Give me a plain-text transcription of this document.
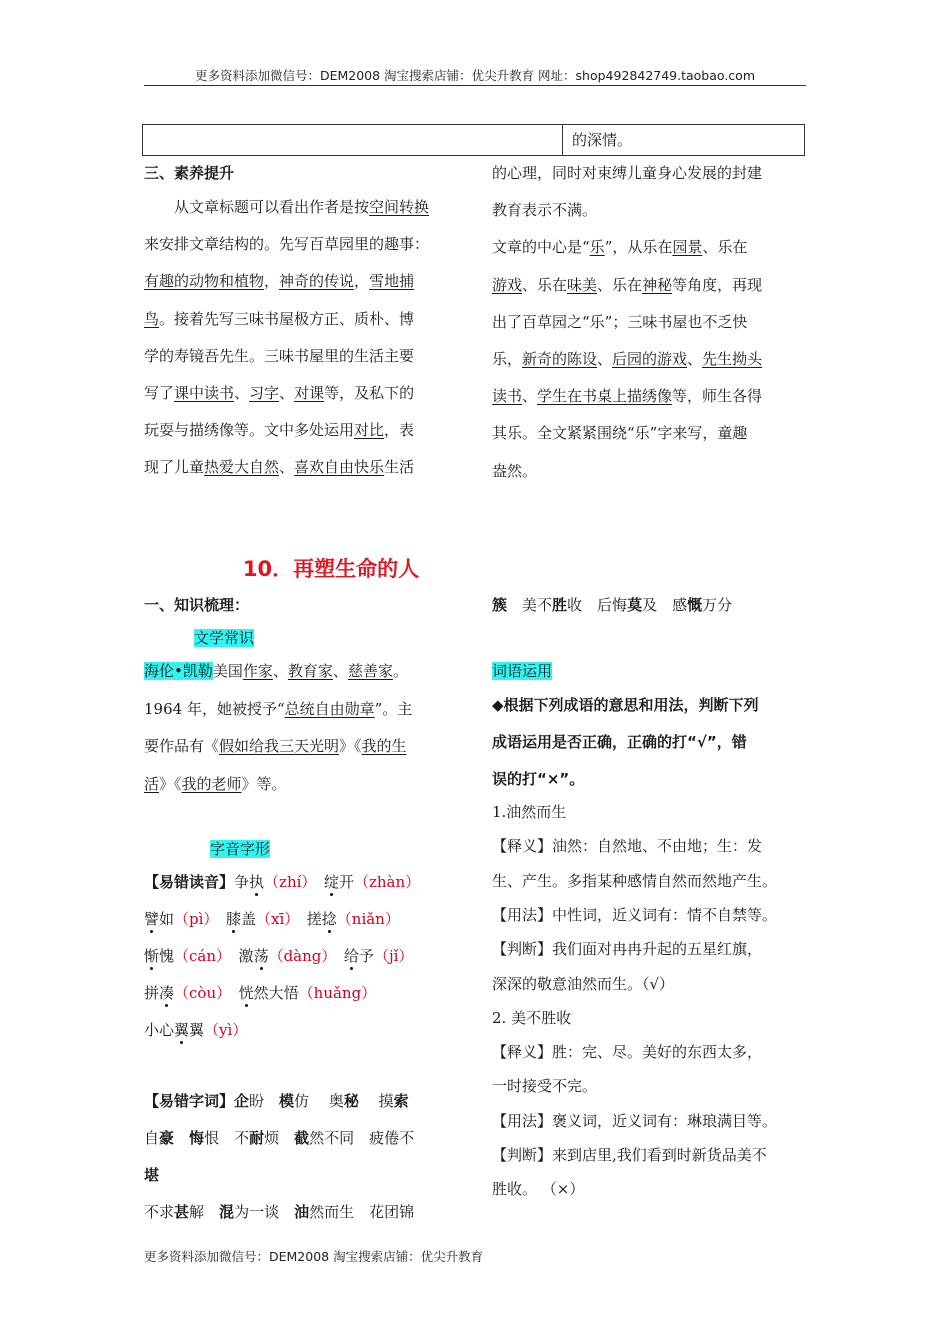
更多资料添加微信号：DEM2008 淘宝搜索店铺：优尖升教育 网址：shop492842749.taobao.com
的深情。
三、素养提升
　　从文章标题可以看出作者是按空间转换
来安排文章结构的。先写百草园里的趣事：
有趣的动物和植物，神奇的传说，雪地捕
鸟。接着先写三味书屋极方正、质朴、博
学的寿镜吾先生。三味书屋里的生活主要
写了课中读书、习字、对课等，及私下的
玩耍与描绣像等。文中多处运用对比，表
现了儿童热爱大自然、喜欢自由快乐生活
的心理，同时对束缚儿童身心发展的封建
教育表示不满。
文章的中心是“乐”，从乐在园景、乐在
游戏、乐在味美、乐在神秘等角度，再现
出了百草园之“乐”；三味书屋也不乏快
乐，新奇的陈设、后园的游戏、先生拗头
读书、学生在书桌上描绣像等，师生各得
其乐。全文紧紧围绕“乐”字来写，童趣
盎然。
10．再塑生命的人
一、知识梳理：
文学常识
海伦•凯勒美国作家、教育家、慈善家。
1964 年，她被授予“总统自由勋章”。主
要作品有《假如给我三天光明》《我的生
活》《我的老师》等。
字音字形
【易错读音】争执（zhí）　 绽开（zhàn）
譬如（pì）　 膝盖（xī）　搓捻（niǎn）
惭愧（cán）　激荡（dàng）　 给予（jǐ）
拼凑（còu）　 恍然大悟（huǎng）
小心翼翼（yì）
【易错字词】企盼　模仿　 奥秘　 摸索
自豪　 悔恨　不耐烦　截然不同　疲倦不
堪
不求甚解　混为一谈　油然而生　花团锦
簇　美不胜收　后悔莫及　感慨万分
词语运用
◆根据下列成语的意思和用法，判断下列
成语运用是否正确，正确的打“√”，错
误的打“×”。
1.油然而生
【释义】油然：自然地、不由地；生：发
生、产生。多指某种感情自然而然地产生。
【用法】中性词，近义词有：情不自禁等。
【判断】我们面对冉冉升起的五星红旗，
深深的敬意油然而生。（√）
2. 美不胜收
【释义】胜：完、尽。美好的东西太多，
一时接受不完。
【用法】褒义词，近义词有：琳琅满目等。
【判断】来到店里,我们看到时新货品美不
胜收。 （×）
更多资料添加微信号：DEM2008 淘宝搜索店铺：优尖升教育
